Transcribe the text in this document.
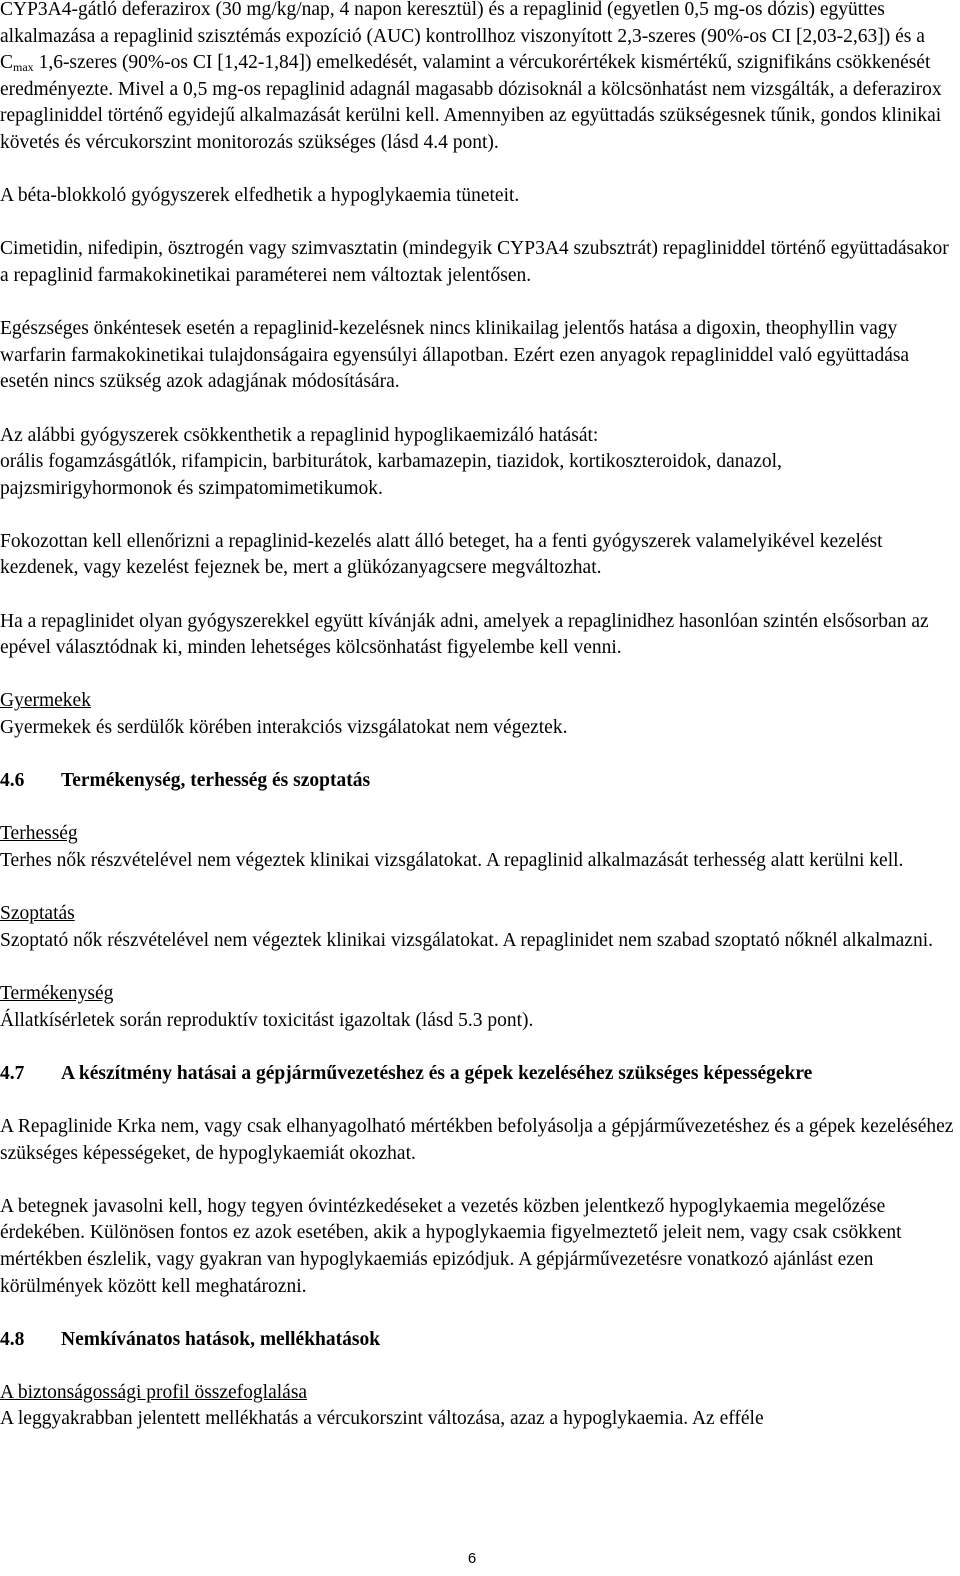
CYP3A4-gátló deferazirox (30 mg/kg/nap, 4 napon keresztül) és a repaglinid (egyetlen 0,5 mg-os dózis) együttes alkalmazása a repaglinid szisztémás expozíció (AUC) kontrollhoz viszonyított 2,3-szeres (90%-os CI [2,03-2,63]) és a $C_{max}$ 1,6-szeres (90%-os CI [1,42-1,84]) emelkedését, valamint a vércukorértékek kismértékű, szignifikáns csökkenését eredményezte. Mivel a 0,5 mg-os repaglinid adagnál magasabb dózisoknál a kölcsönhatást nem vizsgálták, a deferazirox repagliniddel történő egyidejű alkalmazását kerülni kell. Amennyiben az együttadás szükségesnek tűnik, gondos klinikai követés és vércukorszint monitorozás szükséges (lásd 4.4 pont).

A béta-blokkoló gyógyszerek elfedhetik a hypoglykaemia tüneteit.

Cimetidin, nifedipin, ösztrogén vagy szimvasztatin (mindegyik CYP3A4 szubsztrát) repagliniddel történő együttadásakor a repaglinid farmakokinetikai paraméterei nem változtak jelentősen.

Egészséges önkéntesek esetén a repaglinid-kezelésnek nincs klinikailag jelentős hatása a digoxin, theophyllin vagy warfarin farmakokinetikai tulajdonságaira egyensúlyi állapotban. Ezért ezen anyagok repagliniddel való együttadása esetén nincs szükség azok adagjának módosítására.

Az alábbi gyógyszerek csökkenthetik a repaglinid hypoglikaemizáló hatását:
orális fogamzásgátlók, rifampicin, barbiturátok, karbamazepin, tiazidok, kortikoszteroidok, danazol, pajzsmirigyhormonok és szimpatomimetikumok.

Fokozottan kell ellenőrizni a repaglinid-kezelés alatt álló beteget, ha a fenti gyógyszerek valamelyikével kezelést kezdenek, vagy kezelést fejeznek be, mert a glükózanyagcsere megváltozhat.

Ha a repaglinidet olyan gyógyszerekkel együtt kívánják adni, amelyek a repaglinidhez hasonlóan szintén elsősorban az epével választódnak ki, minden lehetséges kölcsönhatást figyelembe kell venni.

Gyermekek
Gyermekek és serdülők körében interakciós vizsgálatokat nem végeztek.

4.6 Termékenység, terhesség és szoptatás

Terhesség
Terhes nők részvételével nem végeztek klinikai vizsgálatokat. A repaglinid alkalmazását terhesség alatt kerülni kell.

Szoptatás
Szoptató nők részvételével nem végeztek klinikai vizsgálatokat. A repaglinidet nem szabad szoptató nőknél alkalmazni.

Termékenység
Állatkísérletek során reproduktív toxicitást igazoltak (lásd 5.3 pont).

4.7 A készítmény hatásai a gépjárművezetéshez és a gépek kezeléséhez szükséges képességekre

A Repaglinide Krka nem, vagy csak elhanyagolható mértékben befolyásolja a gépjárművezetéshez és a gépek kezeléséhez szükséges képességeket, de hypoglykaemiát okozhat.

A betegnek javasolni kell, hogy tegyen óvintézkedéseket a vezetés közben jelentkező hypoglykaemia megelőzése érdekében. Különösen fontos ez azok esetében, akik a hypoglykaemia figyelmeztető jeleit nem, vagy csak csökkent mértékben észlelik, vagy gyakran van hypoglykaemiás epizódjuk. A gépjárművezetésre vonatkozó ajánlást ezen körülmények között kell meghatározni.

4.8 Nemkívánatos hatások, mellékhatások

A biztonságossági profil összefoglalása
A leggyakrabban jelentett mellékhatás a vércukorszint változása, azaz a hypoglykaemia. Az efféle

6
